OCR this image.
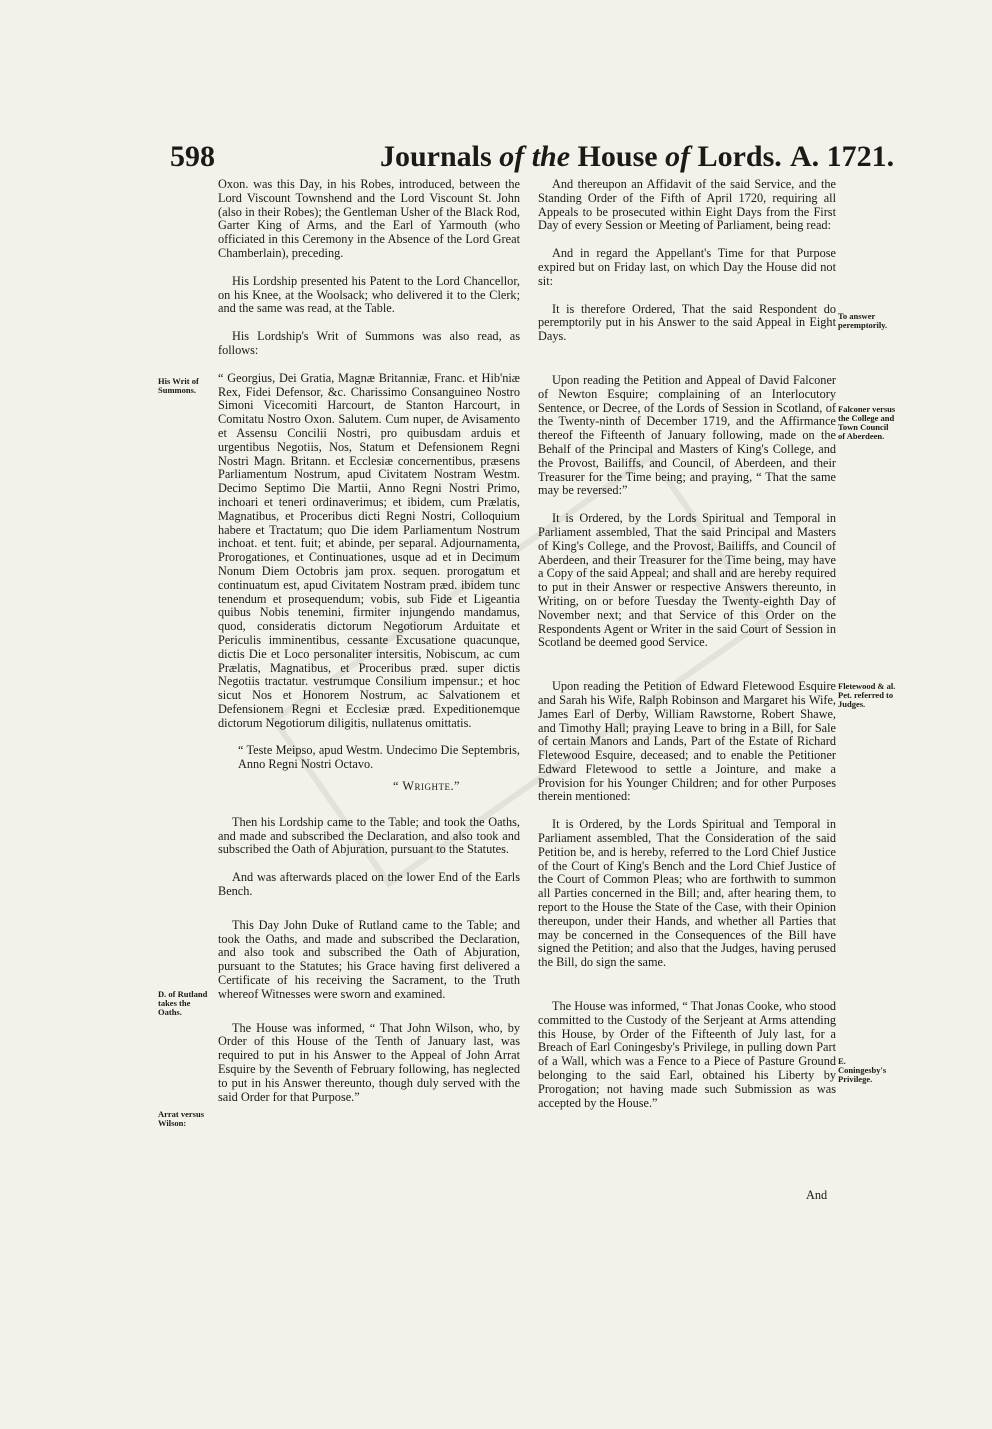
598	Journals of the House of Lords. A. 1721.

Oxon. was this Day, in his Robes, introduced, between the Lord Viscount Townshend and the Lord Viscount St. John (also in their Robes); the Gentleman Usher of the Black Rod, Garter King of Arms, and the Earl of Yarmouth (who officiated in this Ceremony in the Absence of the Lord Great Chamberlain), preceding.

His Lordship presented his Patent to the Lord Chancellor, on his Knee, at the Woolsack; who delivered it to the Clerk; and the same was read, at the Table.

His Lordship's Writ of Summons was also read, as follows:

“ Georgius, Dei Gratia, Magnæ Britanniæ, Franc. et Hib'niæ Rex, Fidei Defensor, &c. Charissimo Consanguineo Nostro Simoni Vicecomiti Harcourt, de Stanton Harcourt, in Comitatu Nostro Oxon. Salutem. Cum nuper, de Avisamento et Assensu Concilii Nostri, pro quibusdam arduis et urgentibus Negotiis, Nos, Statum et Defensionem Regni Nostri Magn. Britann. et Ecclesiæ concernentibus, præsens Parliamentum Nostrum, apud Civitatem Nostram Westm. Decimo Septimo Die Martii, Anno Regni Nostri Primo, inchoari et teneri ordinaverimus; et ibidem, cum Prælatis, Magnatibus, et Proceribus dicti Regni Nostri, Colloquium habere et Tractatum; quo Die idem Parliamentum Nostrum inchoat. et tent. fuit; et abinde, per separal. Adjournamenta, Prorogationes, et Continuationes, usque ad et in Decimum Nonum Diem Octobris jam prox. sequen. prorogatum et continuatum est, apud Civitatem Nostram præd. ibidem tunc tenendum et prosequendum; vobis, sub Fide et Ligeantia quibus Nobis tenemini, firmiter injungendo mandamus, quod, consideratis dictorum Negotiorum Arduitate et Periculis imminentibus, cessante Excusatione quacunque, dictis Die et Loco personaliter intersitis, Nobiscum, ac cum Prælatis, Magnatibus, et Proceribus præd. super dictis Negotiis tractatur. vestrumque Consilium impensur.; et hoc sicut Nos et Honorem Nostrum, ac Salvationem et Defensionem Regni et Ecclesiæ præd. Expeditionemque dictorum Negotiorum diligitis, nullatenus omittatis.

“ Teste Meipso, apud Westm. Undecimo Die Septembris, Anno Regni Nostri Octavo.

“ Wrighte.”

Then his Lordship came to the Table; and took the Oaths, and made and subscribed the Declaration, and also took and subscribed the Oath of Abjuration, pursuant to the Statutes.

And was afterwards placed on the lower End of the Earls Bench.

This Day John Duke of Rutland came to the Table; and took the Oaths, and made and subscribed the Declaration, and also took and subscribed the Oath of Abjuration, pursuant to the Statutes; his Grace having first delivered a Certificate of his receiving the Sacrament, to the Truth whereof Witnesses were sworn and examined.

The House was informed, “ That John Wilson, who, by Order of this House of the Tenth of January last, was required to put in his Answer to the Appeal of John Arrat Esquire by the Seventh of February following, has neglected to put in his Answer thereunto, though duly served with the said Order for that Purpose.”

And thereupon an Affidavit of the said Service, and the Standing Order of the Fifth of April 1720, requiring all Appeals to be prosecuted within Eight Days from the First Day of every Session or Meeting of Parliament, being read:

And in regard the Appellant's Time for that Purpose expired but on Friday last, on which Day the House did not sit:

It is therefore Ordered, That the said Respondent do peremptorily put in his Answer to the said Appeal in Eight Days.

Upon reading the Petition and Appeal of David Falconer of Newton Esquire; complaining of an Interlocutory Sentence, or Decree, of the Lords of Session in Scotland, of the Twenty-ninth of December 1719, and the Affirmance thereof the Fifteenth of January following, made on the Behalf of the Principal and Masters of King's College, and the Provost, Bailiffs, and Council, of Aberdeen, and their Treasurer for the Time being; and praying, “ That the same may be reversed:”

It is Ordered, by the Lords Spiritual and Temporal in Parliament assembled, That the said Principal and Masters of King's College, and the Provost, Bailiffs, and Council of Aberdeen, and their Treasurer for the Time being, may have a Copy of the said Appeal; and shall and are hereby required to put in their Answer or respective Answers thereunto, in Writing, on or before Tuesday the Twenty-eighth Day of November next; and that Service of this Order on the Respondents Agent or Writer in the said Court of Session in Scotland be deemed good Service.

Upon reading the Petition of Edward Fletewood Esquire and Sarah his Wife, Ralph Robinson and Margaret his Wife, James Earl of Derby, William Rawstorne, Robert Shawe, and Timothy Hall; praying Leave to bring in a Bill, for Sale of certain Manors and Lands, Part of the Estate of Richard Fletewood Esquire, deceased; and to enable the Petitioner Edward Fletewood to settle a Jointure, and make a Provision for his Younger Children; and for other Purposes therein mentioned:

It is Ordered, by the Lords Spiritual and Temporal in Parliament assembled, That the Consideration of the said Petition be, and is hereby, referred to the Lord Chief Justice of the Court of King's Bench and the Lord Chief Justice of the Court of Common Pleas; who are forthwith to summon all Parties concerned in the Bill; and, after hearing them, to report to the House the State of the Case, with their Opinion thereupon, under their Hands, and whether all Parties that may be concerned in the Consequences of the Bill have signed the Petition; and also that the Judges, having perused the Bill, do sign the same.

The House was informed, “ That Jonas Cooke, who stood committed to the Custody of the Serjeant at Arms attending this House, by Order of the Fifteenth of July last, for a Breach of Earl Coningesby's Privilege, in pulling down Part of a Wall, which was a Fence to a Piece of Pasture Ground belonging to the said Earl, obtained his Liberty by Prorogation; not having made such Submission as was accepted by the House.”

His Writ of Summons.
D. of Rutland takes the Oaths.
Arrat versus Wilson:
To answer peremptorily.
Falconer versus the College and Town Council of Aberdeen.
Fletewood & al. Pet. referred to Judges.
E. Coningesby's Privilege.
And
